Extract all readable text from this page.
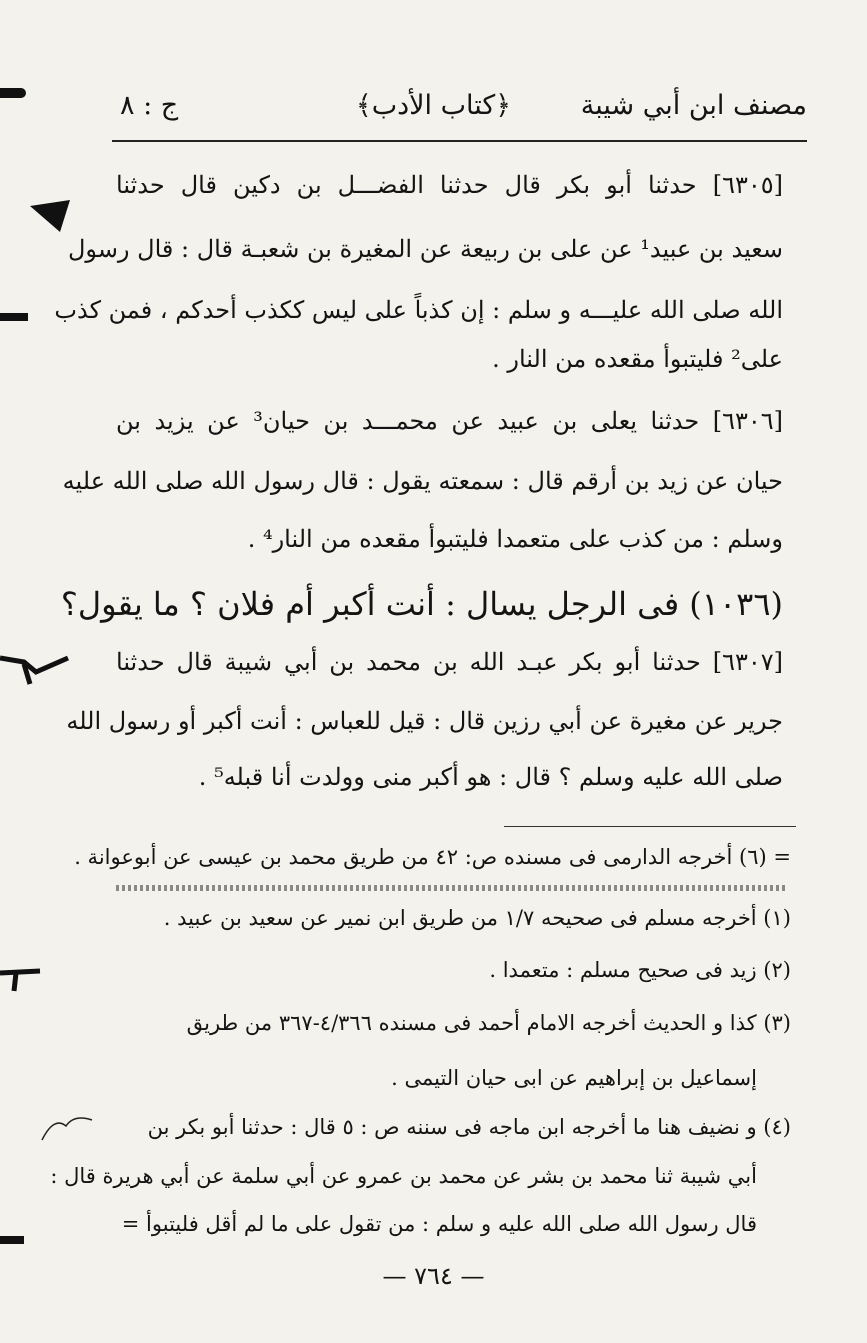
مصنف ابن أبي شيبة
﴿كتاب الأدب﴾
ج : ٨
[٦٣٠٥] حدثنا أبو بكر قال حدثنا الفضـــل بن دكين قال حدثنا
سعيد بن عبيد¹ عن على بن ربيعة عن المغيرة بن شعبـة قال : قال رسول
الله صلى الله عليـــه و سلم : إن كذباً على ليس ككذب أحدكم ، فمن كذب
على² فليتبوأ مقعده من النار .
[٦٣٠٦] حدثنا يعلى بن عبيد عن محمـــد بن حيان³ عن يزيد بن
حيان عن زيد بن أرقم قال : سمعته يقول : قال رسول الله صلى الله عليه
وسلم : من كذب على متعمدا فليتبوأ مقعده من النار⁴ .
(١٠٣٦) فى الرجل يسال : أنت أكبر أم فلان ؟ ما يقول؟
[٦٣٠٧] حدثنا أبو بكر عبـد الله بن محمد بن أبي شيبة قال حدثنا
جرير عن مغيرة عن أبي رزين قال : قيل للعباس : أنت أكبر أو رسول الله
صلى الله عليه وسلم ؟ قال : هو أكبر منى وولدت أنا قبله⁵ .
= (٦) أخرجه الدارمى فى مسنده ص: ٤٢ من طريق محمد بن عيسى عن أبوعوانة .
(١) أخرجه مسلم فى صحيحه ١/٧ من طريق ابن نمير عن سعيد بن عبيد .
(٢) زيد فى صحيح مسلم : متعمدا .
(٣) كذا و الحديث أخرجه الامام أحمد فى مسنده ٤/٣٦٦-٣٦٧ من طريق
إسماعيل بن إبراهيم عن ابى حيان التيمى .
(٤) و نضيف هنا ما أخرجه ابن ماجه فى سننه ص : ٥ قال : حدثنا أبو بكر بن
أبي شيبة ثنا محمد بن بشر عن محمد بن عمرو عن أبي سلمة عن أبي هريرة قال :
قال رسول الله صلى الله عليه و سلم : من تقول على ما لم أقل فليتبوأ =
— ٧٦٤ —
